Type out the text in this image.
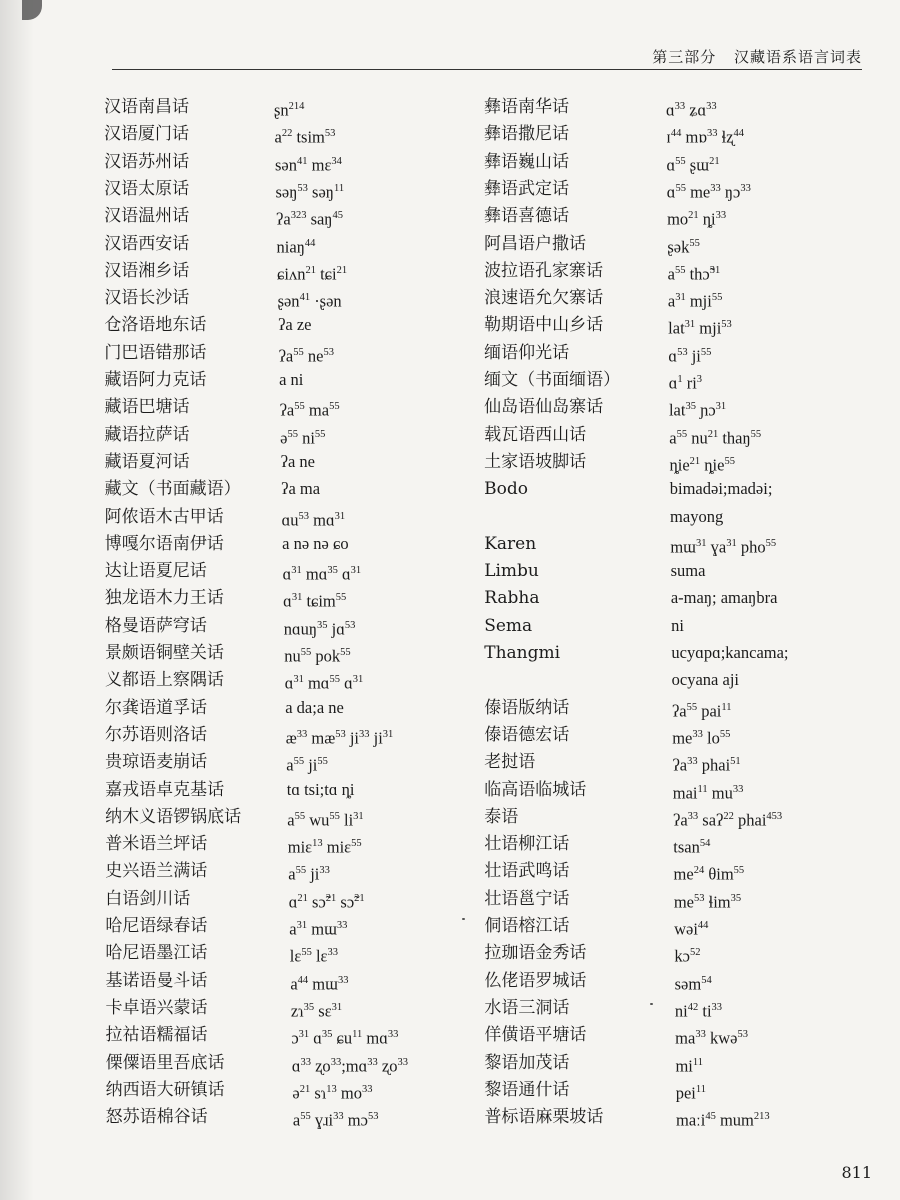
第三部分 汉藏语系语言词表
汉语南昌话	ʂn$^{214}$
汉语厦门话	$a^{22}$ tsim$^{53}$
汉语苏州话	sən$^{41}$ mɛ$^{34}$
汉语太原话	səŋ$^{53}$ səŋ$^{11}$
汉语温州话	ʔa$^{323}$ saŋ$^{45}$
汉语西安话	niaŋ$^{44}$
汉语湘乡话	ɕiʌn$^{21}$ tɕi$^{21}$
汉语长沙话	ʂən$^{41}$ ·ʂən
仓洛语地东话	ʔa ze
门巴语错那话	ʔa$^{55}$ $ne^{53}$
藏语阿力克话	a ni
藏语巴塘话	ʔa$^{55}$ $ma^{55}$
藏语拉萨话	ə$^{55}$ $ni^{55}$
藏语夏河话	ʔa ne
藏文（书面藏语） ʔa ma
阿侬语木古甲话	ɑu$^{53}$ mɑ$^{31}$
博嘎尔语南伊话	a nə nə ɕo
达让语夏尼话	ɑ$^{31}$ mɑ$^{35}$ ɑ$^{31}$
独龙语木力王话	ɑ$^{31}$ tɕim$^{55}$
格曼语萨穹话	nɑuŋ$^{35}$ jɑ$^{53}$
景颇语铜壁关话	$nu^{55}$ pok$^{55}$
义都语上察隅话	ɑ$^{31}$ mɑ$^{55}$ ɑ$^{31}$
尔龚语道孚话	a da;a ne
尔苏语则洛话	$æ^{33}$ $mæ^{53}$ $ji^{33}$ $ji^{31}$
贵琼语麦崩话	$a^{55}$ $ji^{55}$
嘉戎语卓克基话	tɑ tsi;tɑ ȵi
纳木义语锣锅底话	$a^{55}$ $wu^{55}$ $li^{31}$
普米语兰坪话	miɛ$^{13}$ miɛ$^{55}$
史兴语兰满话	$a^{55}$ $ji^{33}$
白语剑川话	ɑ$^{21}$ sɔ̃$^{21}$ sɔ̃$^{21}$
哈尼语绿春话	$a^{31}$ mɯ$^{33}$
哈尼语墨江话	lɛ$^{55}$ lɛ$^{33}$
基诺语曼斗话	$a^{44}$ mɯ$^{33}$
卡卓语兴蒙话	zɿ$^{35}$ sɛ$^{31}$
拉祜语糯福话	ɔ$^{31}$ ɑ$^{35}$ ɕu$^{11}$ mɑ$^{33}$
傈僳语里吾底话	ɑ$^{33}$ ʐo$^{33}$;mɑ$^{33}$ ʐo$^{33}$
纳西语大研镇话	ə$^{21}$ sɿ$^{13}$ $mo^{33}$
怒苏语棉谷话	$a^{55}$ ɣɹi$^{33}$ mɔ$^{53}$
彝语南华话	ɑ$^{33}$ ʑɑ$^{33}$
彝语撒尼话	ɪ$^{44}$ mɒ$^{33}$ ɬʐ$^{44}$
彝语巍山话	ɑ$^{55}$ ʂɯ$^{21}$
彝语武定话	ɑ$^{55}$ $me^{33}$ ŋɔ$^{33}$
彝语喜德话	$mo^{21}$ $ȵi^{33}$
阿昌语户撒话	ʂək$^{55}$
波拉语孔家寨话	$a^{55}$ thɔ̃$^{31}$
浪速语允欠寨话	$a^{31}$ mji$^{55}$
勒期语中山乡话	lat$^{31}$ mji$^{53}$
缅语仰光话	ɑ$^{53}$ $ji^{55}$
缅文（书面缅语）	ɑ$^1$ $ri^3$
仙岛语仙岛寨话	lat$^{35}$ ɲɔ$^{31}$
载瓦语西山话	$a^{55}$ $nu^{21}$ thaŋ$^{55}$
土家语坡脚话	ȵie$^{21}$ ȵie$^{55}$
Bodo	bimadəi;madəi;
mayong
Karen	mɯ$^{31}$ ɣa$^{31}$ pho$^{55}$
Limbu	suma
Rabha	a-maŋ; amaŋbra
Sema	ni
Thangmi	ucyɑpɑ;kancama;
ocyana aji
傣语版纳话	ʔa$^{55}$ pai$^{11}$
傣语德宏话	$me^{33}$ $lo^{55}$
老挝语	ʔa$^{33}$ phai$^{51}$
临高语临城话	mai$^{11}$ $mu^{33}$
泰语	ʔa$^{33}$ saʔ$^{22}$ phai$^{453}$
壮语柳江话	tsan$^{54}$
壮语武鸣话	$me^{24}$ θim$^{55}$
壮语邕宁话	$me^{53}$ ɬim$^{35}$
侗语榕江话	wəi$^{44}$
拉珈语金秀话	kɔ$^{52}$
仫佬语罗城话	səm$^{54}$
水语三洞话	$ni^{42}$ $ti^{33}$
佯僙语平塘话	$ma^{33}$ kwə$^{53}$
黎语加茂话	$mi^{11}$
黎语通什话	pei$^{11}$
普标语麻栗坡话	maːi$^{45}$ mum$^{213}$
811
